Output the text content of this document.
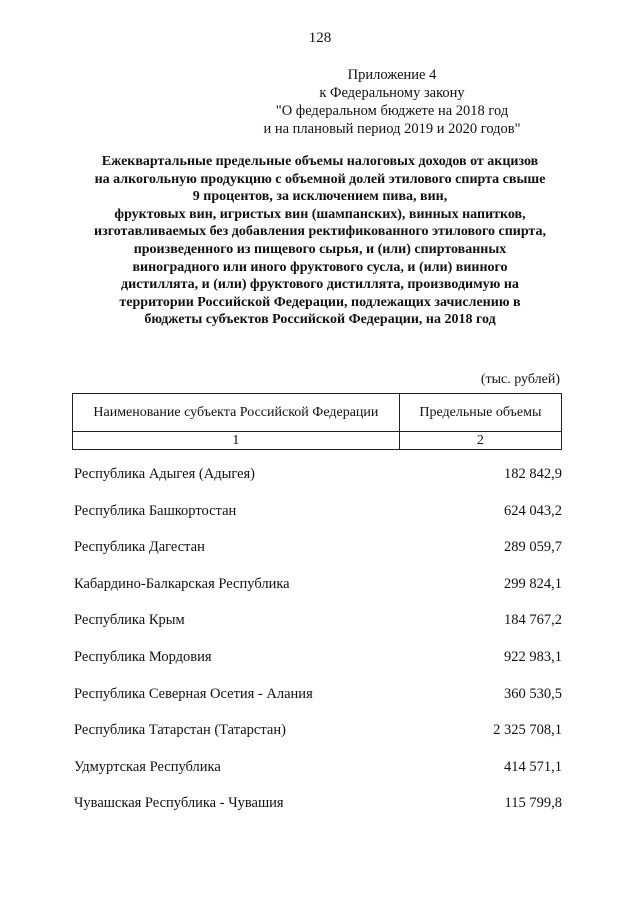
128
Приложение 4
к Федеральному закону
"О федеральном бюджете на 2018 год
и на плановый период 2019 и 2020 годов"
Ежеквартальные предельные объемы налоговых доходов от акцизов
на алкогольную продукцию с объемной долей этилового спирта свыше
9 процентов, за исключением пива, вин,
фруктовых вин, игристых вин (шампанских), винных напитков,
изготавливаемых без добавления ректификованного этилового спирта,
произведенного из пищевого сырья, и (или) спиртованных
виноградного или иного фруктового сусла, и (или) винного
дистиллята, и (или) фруктового дистиллята, производимую на
территории Российской Федерации, подлежащих зачислению в
бюджеты субъектов Российской Федерации, на 2018 год
(тыс. рублей)
Наименование субъекта Российской Федерации	Предельные объемы
1	2
Республика Адыгея (Адыгея)	182 842,9
Республика Башкортостан	624 043,2
Республика Дагестан	289 059,7
Кабардино-Балкарская Республика	299 824,1
Республика Крым	184 767,2
Республика Мордовия	922 983,1
Республика Северная Осетия - Алания	360 530,5
Республика Татарстан (Татарстан)	2 325 708,1
Удмуртская Республика	414 571,1
Чувашская Республика - Чувашия	115 799,8
